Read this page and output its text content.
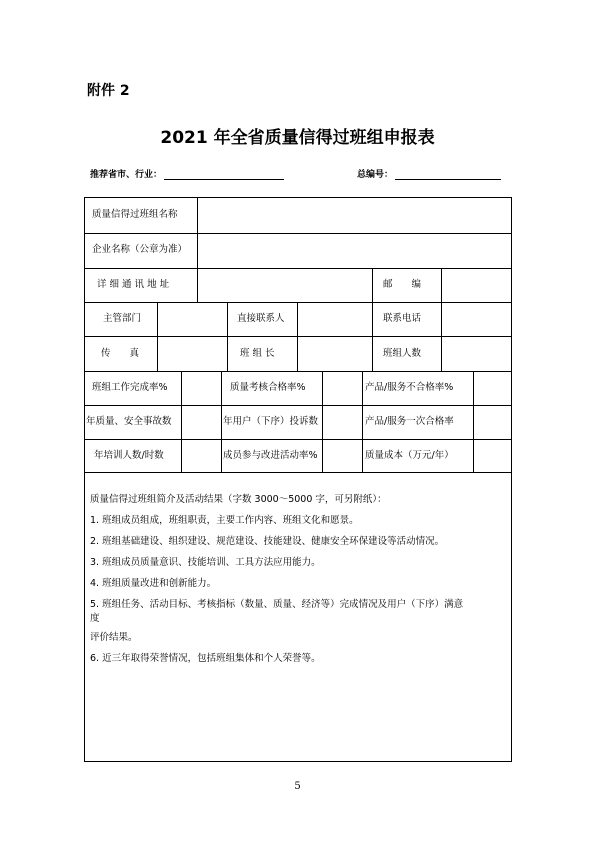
附件 2
2021 年全省质量信得过班组申报表
推荐省市、行业：	总编号：
质量信得过班组名称
企业名称（公章为准）
详 细 通 讯 地 址	邮　　编
主管部门	直接联系人	联系电话
传　　真	班 组 长	班组人数
班组工作完成率%	质量考核合格率%	产品/服务不合格率%
年质量、安全事故数	年用户（下序）投诉数	产品/服务一次合格率
年培训人数/时数	成员参与改进活动率%	质量成本（万元/年）
质量信得过班组简介及活动结果（字数 3000～5000 字，可另附纸）：
1. 班组成员组成，班组职责，主要工作内容、班组文化和愿景。
2. 班组基础建设、组织建设、规范建设、技能建设、健康安全环保建设等活动情况。
3. 班组成员质量意识、技能培训、工具方法应用能力。
4. 班组质量改进和创新能力。
5. 班组任务、活动目标、考核指标（数量、质量、经济等）完成情况及用户（下序）满意
度
评价结果。
6. 近三年取得荣誉情况，包括班组集体和个人荣誉等。
5
